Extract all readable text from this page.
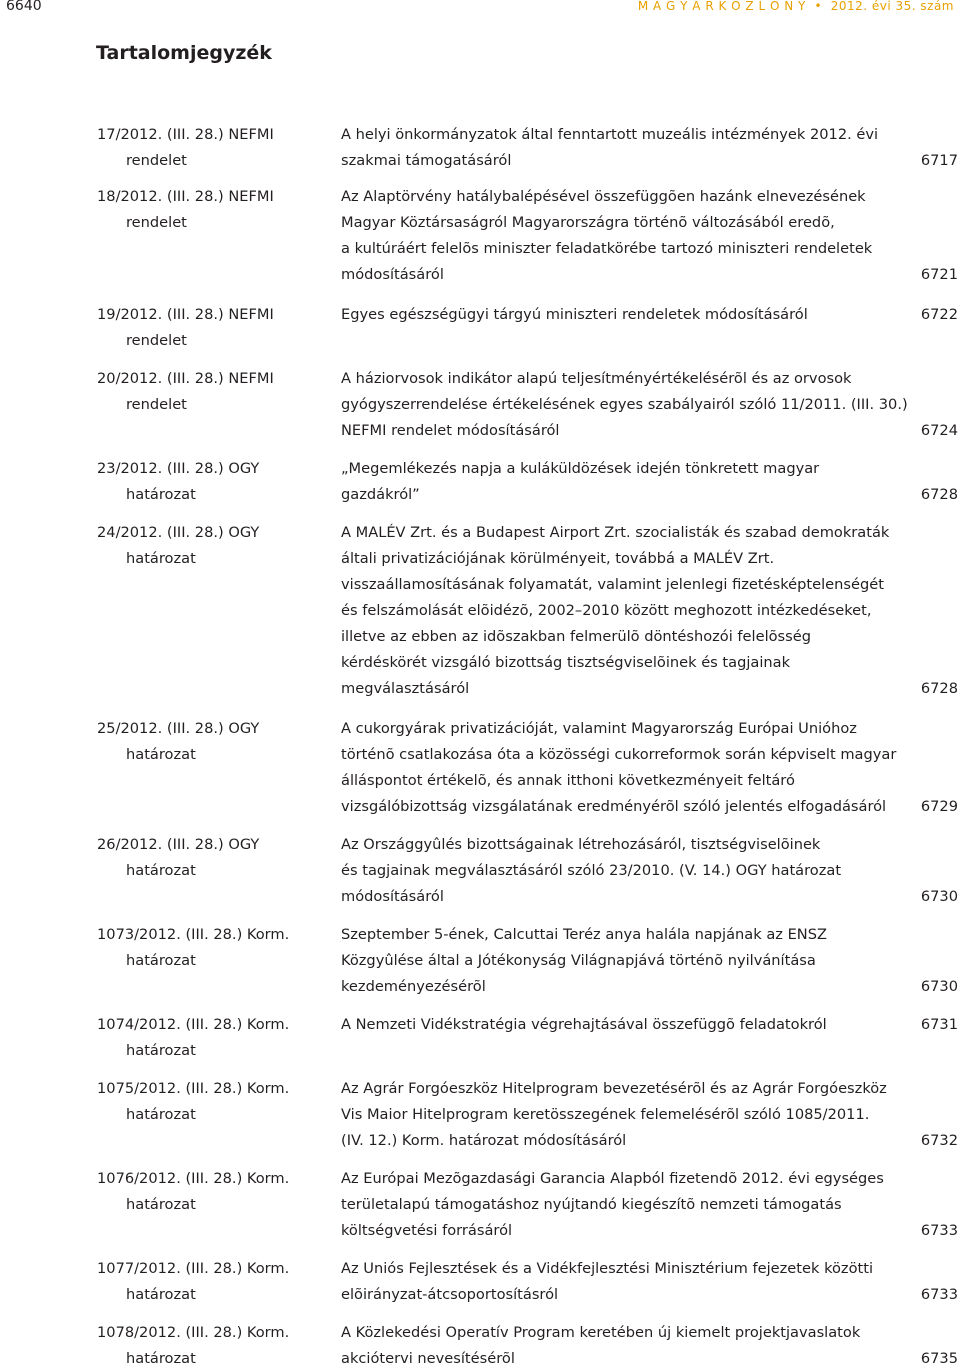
6640	M A G Y A R K Ö Z L Ö N Y  •  2012. évi 35. szám
Tartalomjegyzék
17/2012. (III. 28.) NEFMI
rendelet
A helyi önkormányzatok által fenntartott muzeális intézmények 2012. évi
szakmai támogatásáról	6717
18/2012. (III. 28.) NEFMI
rendelet
Az Alaptörvény hatálybalépésével összefüggõen hazánk elnevezésének
Magyar Köztársaságról Magyarországra történõ változásából eredõ,
a kultúráért felelõs miniszter feladatkörébe tartozó miniszteri rendeletek
módosításáról	6721
19/2012. (III. 28.) NEFMI
rendelet
Egyes egészségügyi tárgyú miniszteri rendeletek módosításáról	6722
20/2012. (III. 28.) NEFMI
rendelet
A háziorvosok indikátor alapú teljesítményértékelésérõl és az orvosok
gyógyszerrendelése értékelésének egyes szabályairól szóló 11/2011. (III. 30.)
NEFMI rendelet módosításáról	6724
23/2012. (III. 28.) OGY
határozat
„Megemlékezés napja a kuláküldözések idején tönkretett magyar
gazdákról”	6728
24/2012. (III. 28.) OGY
határozat
A MALÉV Zrt. és a Budapest Airport Zrt. szocialisták és szabad demokraták
általi privatizációjának körülményeit, továbbá a MALÉV Zrt.
visszaállamosításának folyamatát, valamint jelenlegi fizetésképtelenségét
és felszámolását elõidézõ, 2002–2010 között meghozott intézkedéseket,
illetve az ebben az idõszakban felmerülõ döntéshozói felelõsség
kérdéskörét vizsgáló bizottság tisztségviselõinek és tagjainak
megválasztásáról	6728
25/2012. (III. 28.) OGY
határozat
A cukorgyárak privatizációját, valamint Magyarország Európai Unióhoz
történõ csatlakozása óta a közösségi cukorreformok során képviselt magyar
álláspontot értékelõ, és annak itthoni következményeit feltáró
vizsgálóbizottság vizsgálatának eredményérõl szóló jelentés elfogadásáról	6729
26/2012. (III. 28.) OGY
határozat
Az Országgyûlés bizottságainak létrehozásáról, tisztségviselõinek
és tagjainak megválasztásáról szóló 23/2010. (V. 14.) OGY határozat
módosításáról	6730
1073/2012. (III. 28.) Korm.
határozat
Szeptember 5-ének, Calcuttai Teréz anya halála napjának az ENSZ
Közgyûlése által a Jótékonyság Világnapjává történõ nyilvánítása
kezdeményezésérõl	6730
1074/2012. (III. 28.) Korm.
határozat
A Nemzeti Vidékstratégia végrehajtásával összefüggõ feladatokról	6731
1075/2012. (III. 28.) Korm.
határozat
Az Agrár Forgóeszköz Hitelprogram bevezetésérõl és az Agrár Forgóeszköz
Vis Maior Hitelprogram keretösszegének felemelésérõl szóló 1085/2011.
(IV. 12.) Korm. határozat módosításáról	6732
1076/2012. (III. 28.) Korm.
határozat
Az Európai Mezõgazdasági Garancia Alapból fizetendõ 2012. évi egységes
területalapú támogatáshoz nyújtandó kiegészítõ nemzeti támogatás
költségvetési forrásáról	6733
1077/2012. (III. 28.) Korm.
határozat
Az Uniós Fejlesztések és a Vidékfejlesztési Minisztérium fejezetek közötti
elõirányzat-átcsoportosításról	6733
1078/2012. (III. 28.) Korm.
határozat
A Közlekedési Operatív Program keretében új kiemelt projektjavaslatok
akciótervi nevesítésérõl	6735
